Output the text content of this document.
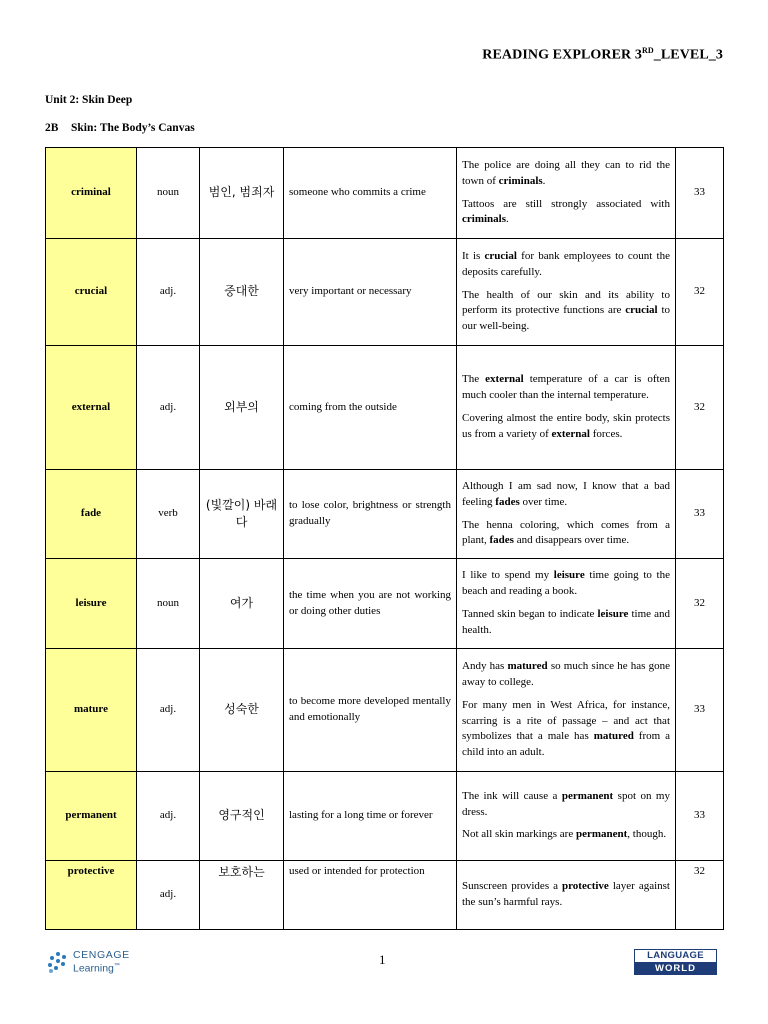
READING EXPLORER 3RD_LEVEL_3
Unit 2: Skin Deep
2B Skin: The Body’s Canvas
criminal	noun	범인, 범죄자	someone who commits a crime	The police are doing all they can to rid the town of criminals.

Tattoos are still strongly associated with criminals.	33
crucial	adj.	중대한	very important or necessary	It is crucial for bank employees to count the deposits carefully.

The health of our skin and its ability to perform its protective functions are crucial to our well-being.	32
external	adj.	외부의	coming from the outside	The external temperature of a car is often much cooler than the internal temperature.

Covering almost the entire body, skin protects us from a variety of external forces.	32
fade	verb	(빛깔이) 바래다	to lose color, brightness or strength gradually	Although I am sad now, I know that a bad feeling fades over time.

The henna coloring, which comes from a plant, fades and disappears over time.	33
leisure	noun	여가	the time when you are not working or doing other duties	I like to spend my leisure time going to the beach and reading a book.

Tanned skin began to indicate leisure time and health.	32
mature	adj.	성숙한	to become more developed mentally and emotionally	Andy has matured so much since he has gone away to college.

For many men in West Africa, for instance, scarring is a rite of passage – and act that symbolizes that a male has matured from a child into an adult.	33
permanent	adj.	영구적인	lasting for a long time or forever	The ink will cause a permanent spot on my dress.

Not all skin markings are permanent, though.	33
protective	adj.	보호하는	used or intended for protection	Sunscreen provides a protective layer against the sun’s harmful rays.	32
CENGAGE
Learning™	1	LANGUAGE
WORLD
